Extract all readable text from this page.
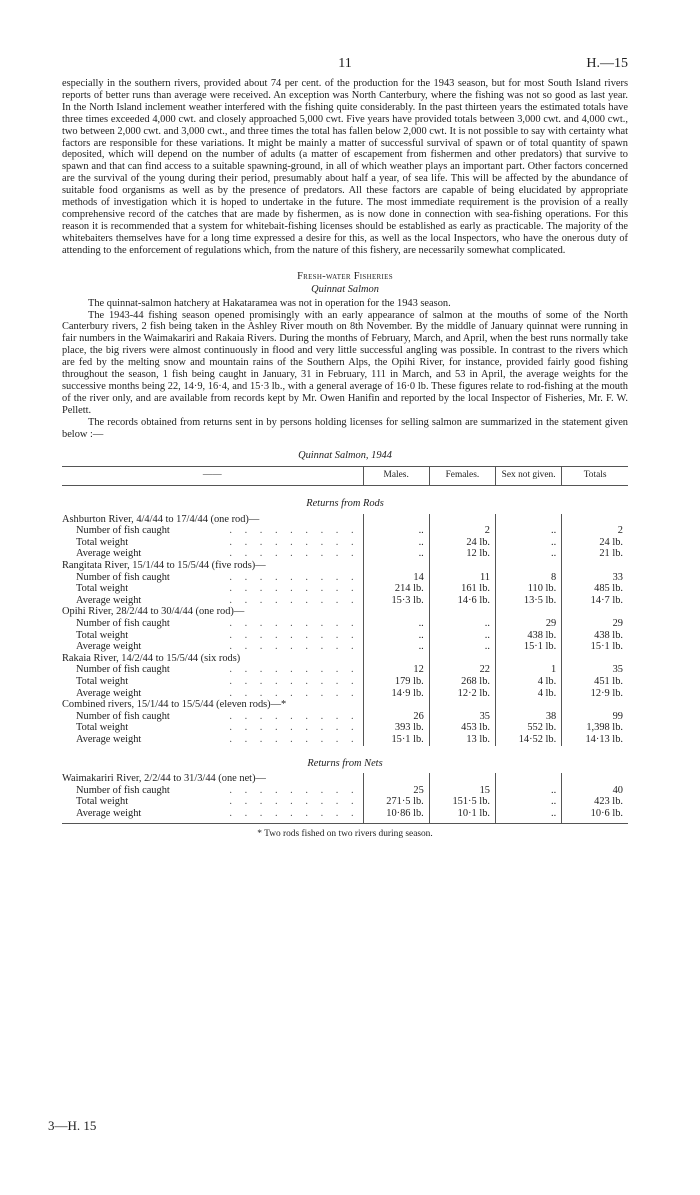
11	H.—15

especially in the southern rivers, provided about 74 per cent. of the production for the 1943 season, but for most South Island rivers reports of better runs than average were received. An exception was North Canterbury, where the fishing was not so good as last year. In the North Island inclement weather interfered with the fishing quite considerably. In the past thirteen years the estimated totals have three times exceeded 4,000 cwt. and closely approached 5,000 cwt. Five years have provided totals between 3,000 cwt. and 4,000 cwt., two between 2,000 cwt. and 3,000 cwt., and three times the total has fallen below 2,000 cwt. It is not possible to say with certainty what factors are responsible for these variations. It might be mainly a matter of successful survival of spawn or of total quantity of spawn deposited, which will depend on the number of adults (a matter of escapement from fishermen and other predators) that survive to spawn and that can find access to a suitable spawning-ground, in all of which weather plays an important part. Other factors concerned are the survival of the young during their period, presumably about half a year, of sea life. This will be affected by the abundance of suitable food organisms as well as by the presence of predators. All these factors are capable of being elucidated by appropriate methods of investigation which it is hoped to undertake in the future. The most immediate requirement is the provision of a really comprehensive record of the catches that are made by fishermen, as is now done in connection with sea-fishing operations. For this reason it is recommended that a system for whitebait-fishing licenses should be established as early as practicable. The majority of the whitebaiters themselves have for a long time expressed a desire for this, as well as the local Inspectors, who have the onerous duty of attending to the enforcement of regulations which, from the nature of this fishery, are necessarily somewhat complicated.

Fresh-water Fisheries
Quinnat Salmon

The quinnat-salmon hatchery at Hakataramea was not in operation for the 1943 season.

The 1943-44 fishing season opened promisingly with an early appearance of salmon at the mouths of some of the North Canterbury rivers, 2 fish being taken in the Ashley River mouth on 8th November. By the middle of January quinnat were running in fair numbers in the Waimakariri and Rakaia Rivers. During the months of February, March, and April, when the best runs normally take place, the big rivers were almost continuously in flood and very little successful angling was possible. In contrast to the rivers which are fed by the melting snow and mountain rains of the Southern Alps, the Opihi River, for instance, provided fairly good fishing throughout the season, 1 fish being caught in January, 31 in February, 111 in March, and 53 in April, the average weights for the successive months being 22, 14·9, 16·4, and 15·3 lb., with a general average of 16·0 lb. These figures relate to rod-fishing at the mouth of the river only, and are available from records kept by Mr. Owen Hanifin and reported by the local Inspector of Fisheries, Mr. F. W. Pellett.

The records obtained from returns sent in by persons holding licenses for selling salmon are summarized in the statement given below :—

Quinnat Salmon, 1944
——	Males.	Females.	Sex not given.	Totals
Returns from Rods				
Ashburton River, 4/4/44 to 17/4/44 (one rod)—				

Number of fish caught . . . . . . . . .	..	2	..	2

Total weight . . . . . . . . .	..	24 lb.	..	24 lb.

Average weight . . . . . . . . .	..	12 lb.	..	21 lb.
Rangitata River, 15/1/44 to 15/5/44 (five rods)—				

Number of fish caught . . . . . . . . .	14	11	8	33

Total weight . . . . . . . . .	214 lb.	161 lb.	110 lb.	485 lb.

Average weight . . . . . . . . .	15·3 lb.	14·6 lb.	13·5 lb.	14·7 lb.
Opihi River, 28/2/44 to 30/4/44 (one rod)—				

Number of fish caught . . . . . . . . .	..	..	29	29

Total weight . . . . . . . . .	..	..	438 lb.	438 lb.

Average weight . . . . . . . . .	..	..	15·1 lb.	15·1 lb.
Rakaia River, 14/2/44 to 15/5/44 (six rods)				

Number of fish caught . . . . . . . . .	12	22	1	35

Total weight . . . . . . . . .	179 lb.	268 lb.	4 lb.	451 lb.

Average weight . . . . . . . . .	14·9 lb.	12·2 lb.	4 lb.	12·9 lb.
Combined rivers, 15/1/44 to 15/5/44 (eleven rods)—*				

Number of fish caught . . . . . . . . .	26	35	38	99

Total weight . . . . . . . . .	393 lb.	453 lb.	552 lb.	1,398 lb.

Average weight . . . . . . . . .	15·1 lb.	13 lb.	14·52 lb.	14·13 lb.
Returns from Nets				
Waimakariri River, 2/2/44 to 31/3/44 (one net)—				

Number of fish caught . . . . . . . . .	25	15	..	40

Total weight . . . . . . . . .	271·5 lb.	151·5 lb.	..	423 lb.

Average weight . . . . . . . . .	10·86 lb.	10·1 lb.	..	10·6 lb.
* Two rods fished on two rivers during season.
3—H. 15
